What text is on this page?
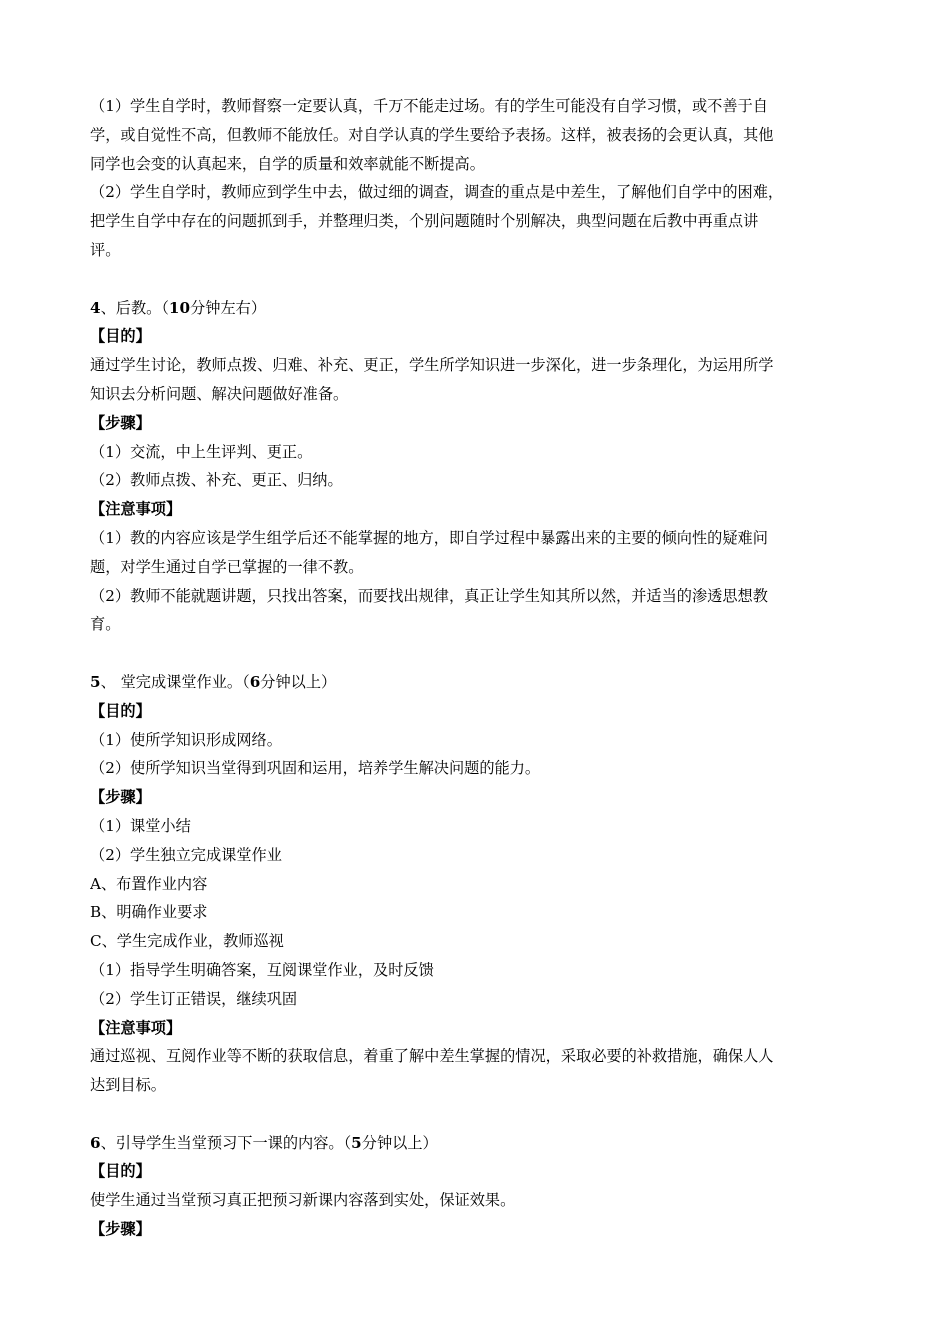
（1）学生自学时，教师督察一定要认真，千万不能走过场。有的学生可能没有自学习惯，或不善于自
学，或自觉性不高，但教师不能放任。对自学认真的学生要给予表扬。这样，被表扬的会更认真，其他
同学也会变的认真起来，自学的质量和效率就能不断提高。
（2）学生自学时，教师应到学生中去，做过细的调查，调查的重点是中差生，了解他们自学中的困难，
把学生自学中存在的问题抓到手，并整理归类，个别问题随时个别解决，典型问题在后教中再重点讲
评。
4、后教。（10分钟左右）
【目的】
通过学生讨论，教师点拨、归难、补充、更正，学生所学知识进一步深化，进一步条理化，为运用所学
知识去分析问题、解决问题做好准备。
【步骤】
（1）交流，中上生评判、更正。
（2）教师点拨、补充、更正、归纳。
【注意事项】
（1）教的内容应该是学生组学后还不能掌握的地方，即自学过程中暴露出来的主要的倾向性的疑难问
题，对学生通过自学已掌握的一律不教。
（2）教师不能就题讲题，只找出答案，而要找出规律，真正让学生知其所以然，并适当的渗透思想教
育。
5、 堂完成课堂作业。（6分钟以上）
【目的】
（1）使所学知识形成网络。
（2）使所学知识当堂得到巩固和运用，培养学生解决问题的能力。
【步骤】
（1）课堂小结
（2）学生独立完成课堂作业
A、布置作业内容
B、明确作业要求
C、学生完成作业，教师巡视
（1）指导学生明确答案，互阅课堂作业，及时反馈
（2）学生订正错误，继续巩固
【注意事项】
通过巡视、互阅作业等不断的获取信息，着重了解中差生掌握的情况，采取必要的补救措施，确保人人
达到目标。
6、引导学生当堂预习下一课的内容。（5分钟以上）
【目的】
使学生通过当堂预习真正把预习新课内容落到实处，保证效果。
【步骤】
